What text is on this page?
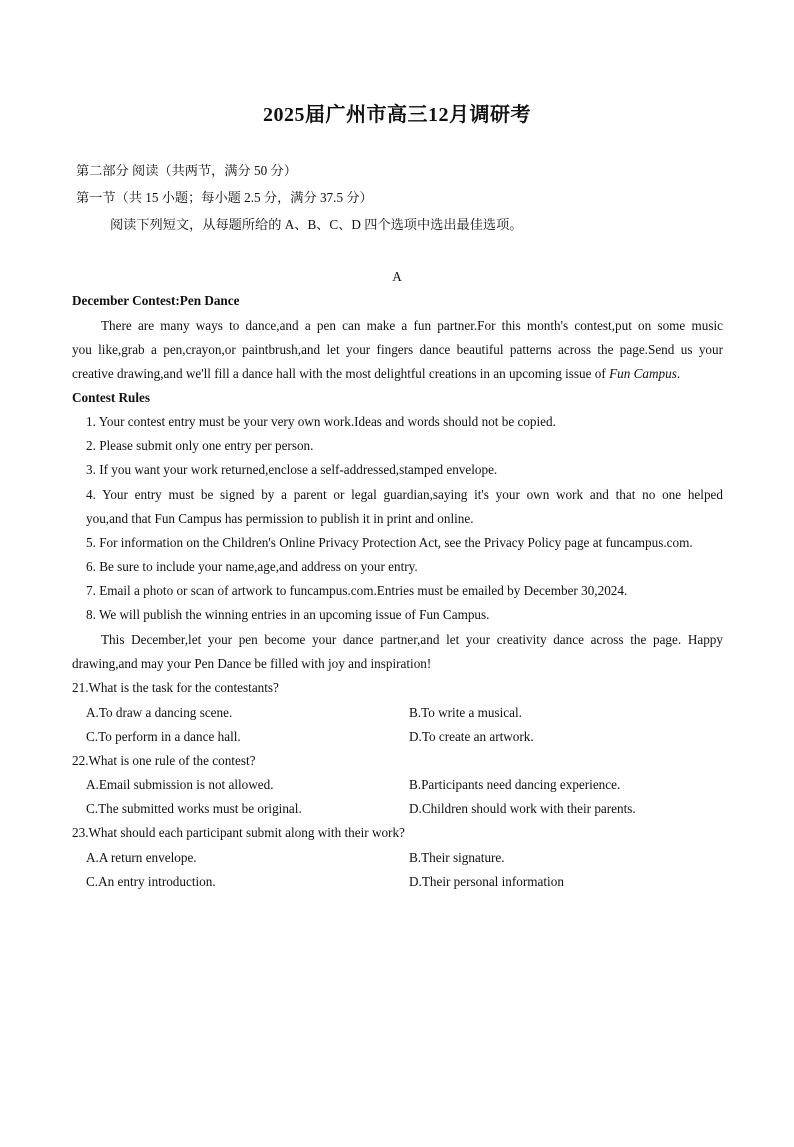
2025届广州市高三12月调研考
第二部分 阅读（共两节，满分 50 分）
第一节（共 15 小题；每小题 2.5 分，满分 37.5 分）
阅读下列短文，从每题所给的 A、B、C、D 四个选项中选出最佳选项。
A
December Contest:Pen Dance
There are many ways to dance,and a pen can make a fun partner.For this month's contest,put on some music
you like,grab a pen,crayon,or paintbrush,and let your fingers dance beautiful patterns across the page.Send us your
creative drawing,and we'll fill a dance hall with the most delightful creations in an upcoming issue of Fun Campus.
Contest Rules
1. Your contest entry must be your very own work.Ideas and words should not be copied.
2. Please submit only one entry per person.
3. If you want your work returned,enclose a self-addressed,stamped envelope.
4. Your entry must be signed by a parent or legal guardian,saying it's your own work and that no one helped
you,and that Fun Campus has permission to publish it in print and online.
5. For information on the Children's Online Privacy Protection Act, see the Privacy Policy page at funcampus.com.
6. Be sure to include your name,age,and address on your entry.
7. Email a photo or scan of artwork to funcampus.com.Entries must be emailed by December 30,2024.
8. We will publish the winning entries in an upcoming issue of Fun Campus.
This December,let your pen become your dance partner,and let your creativity dance across the page. Happy
drawing,and may your Pen Dance be filled with joy and inspiration!
21.What is the task for the contestants?
A.To draw a dancing scene.	B.To write a musical.
C.To perform in a dance hall.	D.To create an artwork.
22.What is one rule of the contest?
A.Email submission is not allowed.	B.Participants need dancing experience.
C.The submitted works must be original.	D.Children should work with their parents.
23.What should each participant submit along with their work?
A.A return envelope.	B.Their signature.
C.An entry introduction.	D.Their personal information
